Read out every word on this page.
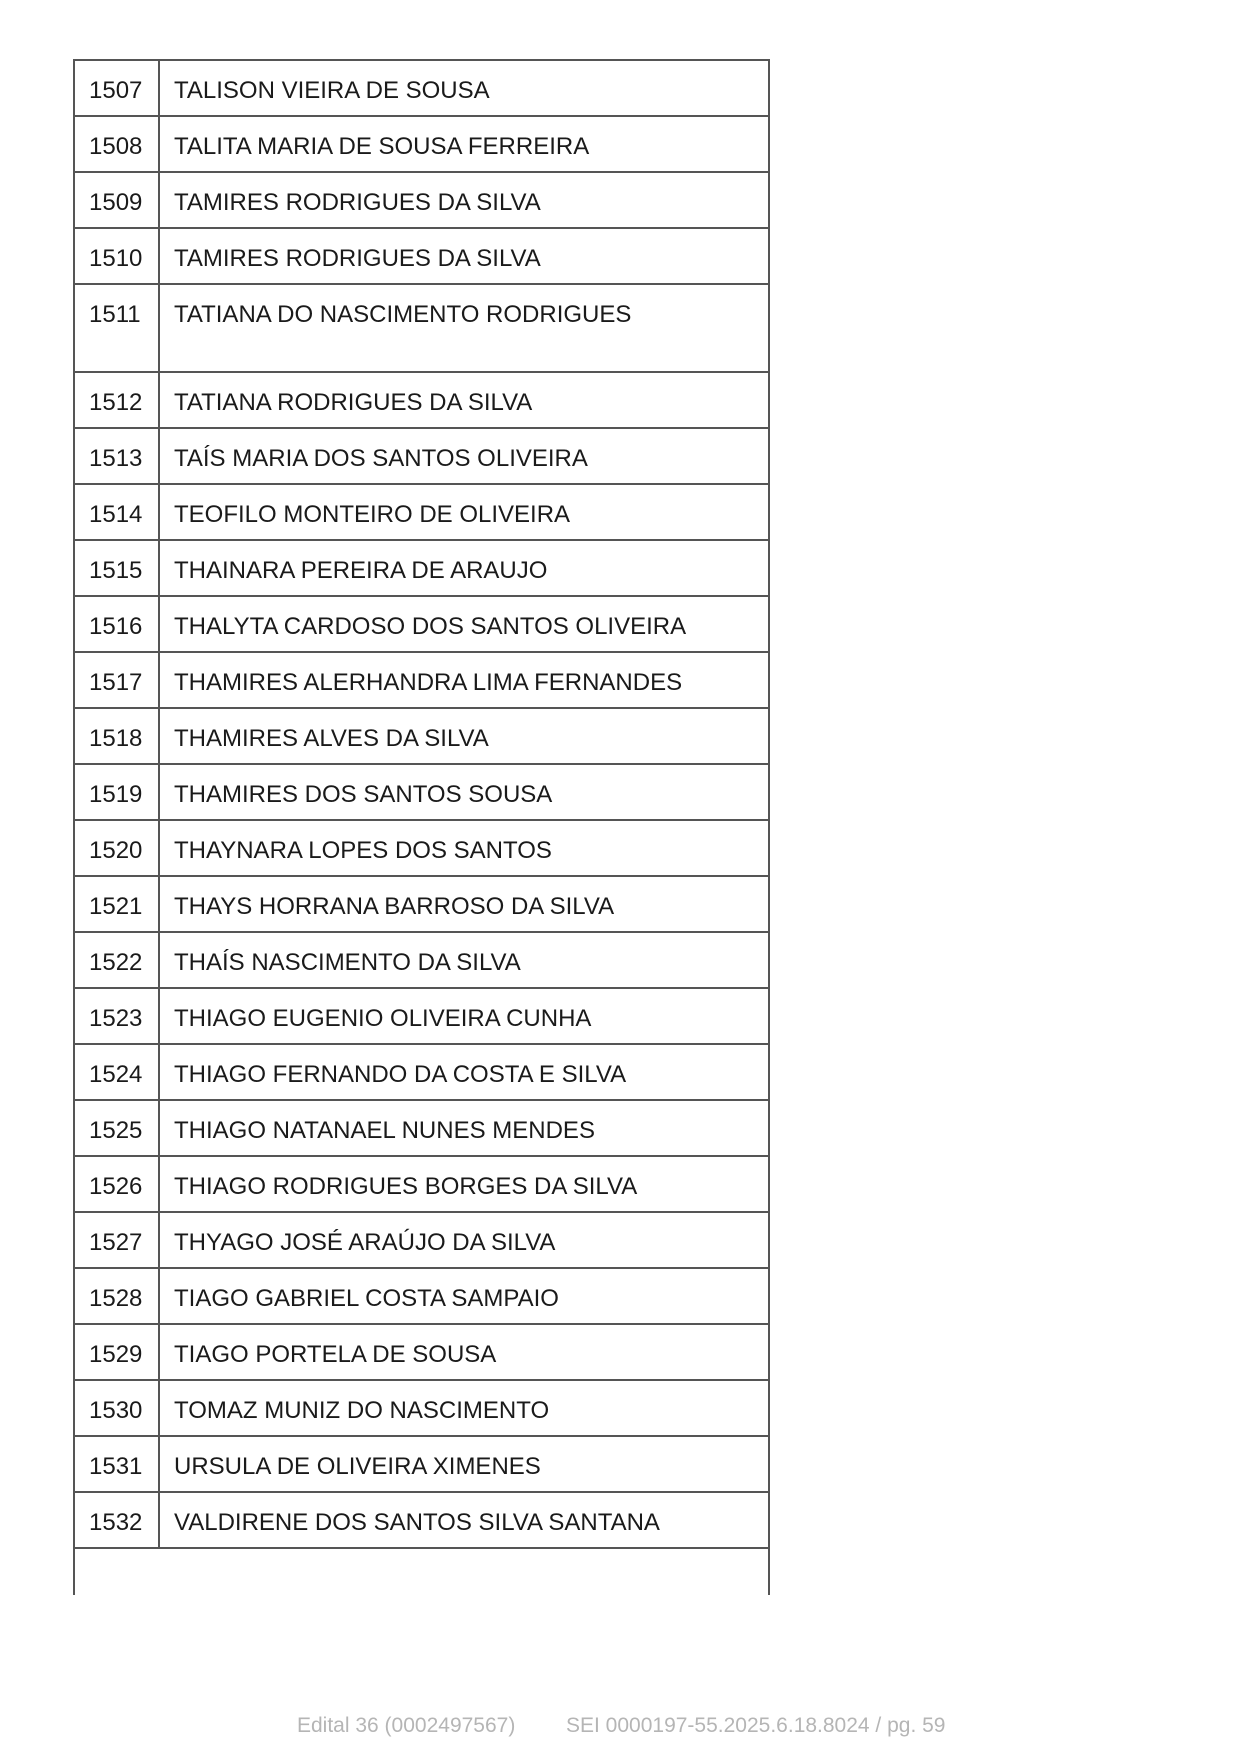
1507	TALISON VIEIRA DE SOUSA
1508	TALITA MARIA DE SOUSA FERREIRA
1509	TAMIRES RODRIGUES DA SILVA
1510	TAMIRES RODRIGUES DA SILVA
1511	TATIANA DO NASCIMENTO RODRIGUES
1512	TATIANA RODRIGUES DA SILVA
1513	TAÍS MARIA DOS SANTOS OLIVEIRA
1514	TEOFILO MONTEIRO DE OLIVEIRA
1515	THAINARA PEREIRA DE ARAUJO
1516	THALYTA CARDOSO DOS SANTOS OLIVEIRA
1517	THAMIRES ALERHANDRA LIMA FERNANDES
1518	THAMIRES ALVES DA SILVA
1519	THAMIRES DOS SANTOS SOUSA
1520	THAYNARA LOPES DOS SANTOS
1521	THAYS HORRANA BARROSO DA SILVA
1522	THAÍS NASCIMENTO DA SILVA
1523	THIAGO EUGENIO OLIVEIRA CUNHA
1524	THIAGO FERNANDO DA COSTA E SILVA
1525	THIAGO NATANAEL NUNES MENDES
1526	THIAGO RODRIGUES BORGES DA SILVA
1527	THYAGO JOSÉ ARAÚJO DA SILVA
1528	TIAGO GABRIEL COSTA SAMPAIO
1529	TIAGO PORTELA DE SOUSA
1530	TOMAZ MUNIZ DO NASCIMENTO
1531	URSULA DE OLIVEIRA XIMENES
1532	VALDIRENE DOS SANTOS SILVA SANTANA
Edital 36 (0002497567) SEI 0000197-55.2025.6.18.8024 / pg. 59
